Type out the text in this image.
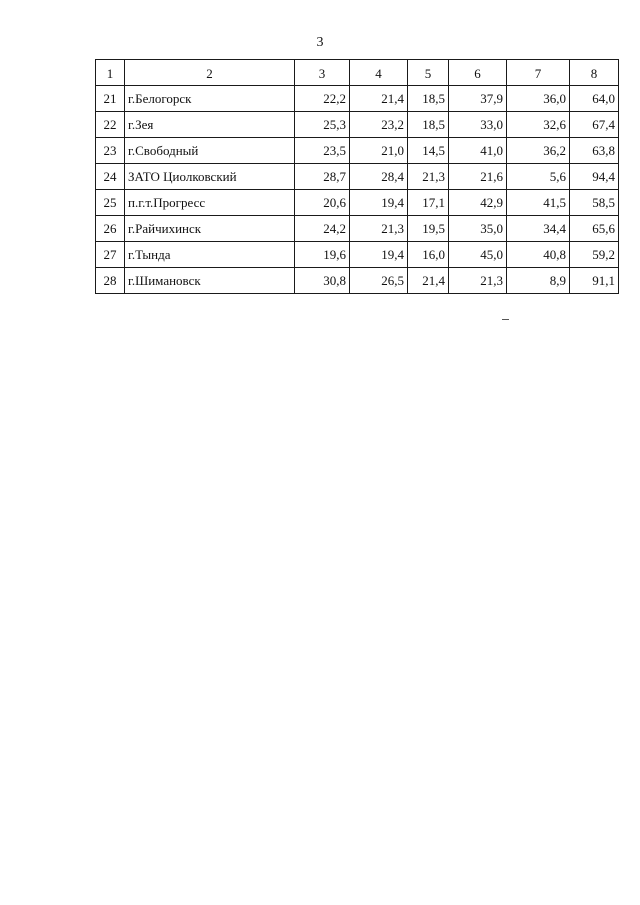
3
1	2	3	4	5	6	7	8
21	г.Белогорск	22,2	21,4	18,5	37,9	36,0	64,0
22	г.Зея	25,3	23,2	18,5	33,0	32,6	67,4
23	г.Свободный	23,5	21,0	14,5	41,0	36,2	63,8
24	ЗАТО Циолковский	28,7	28,4	21,3	21,6	5,6	94,4
25	п.г.т.Прогресс	20,6	19,4	17,1	42,9	41,5	58,5
26	г.Райчихинск	24,2	21,3	19,5	35,0	34,4	65,6
27	г.Тында	19,6	19,4	16,0	45,0	40,8	59,2
28	г.Шимановск	30,8	26,5	21,4	21,3	8,9	91,1
